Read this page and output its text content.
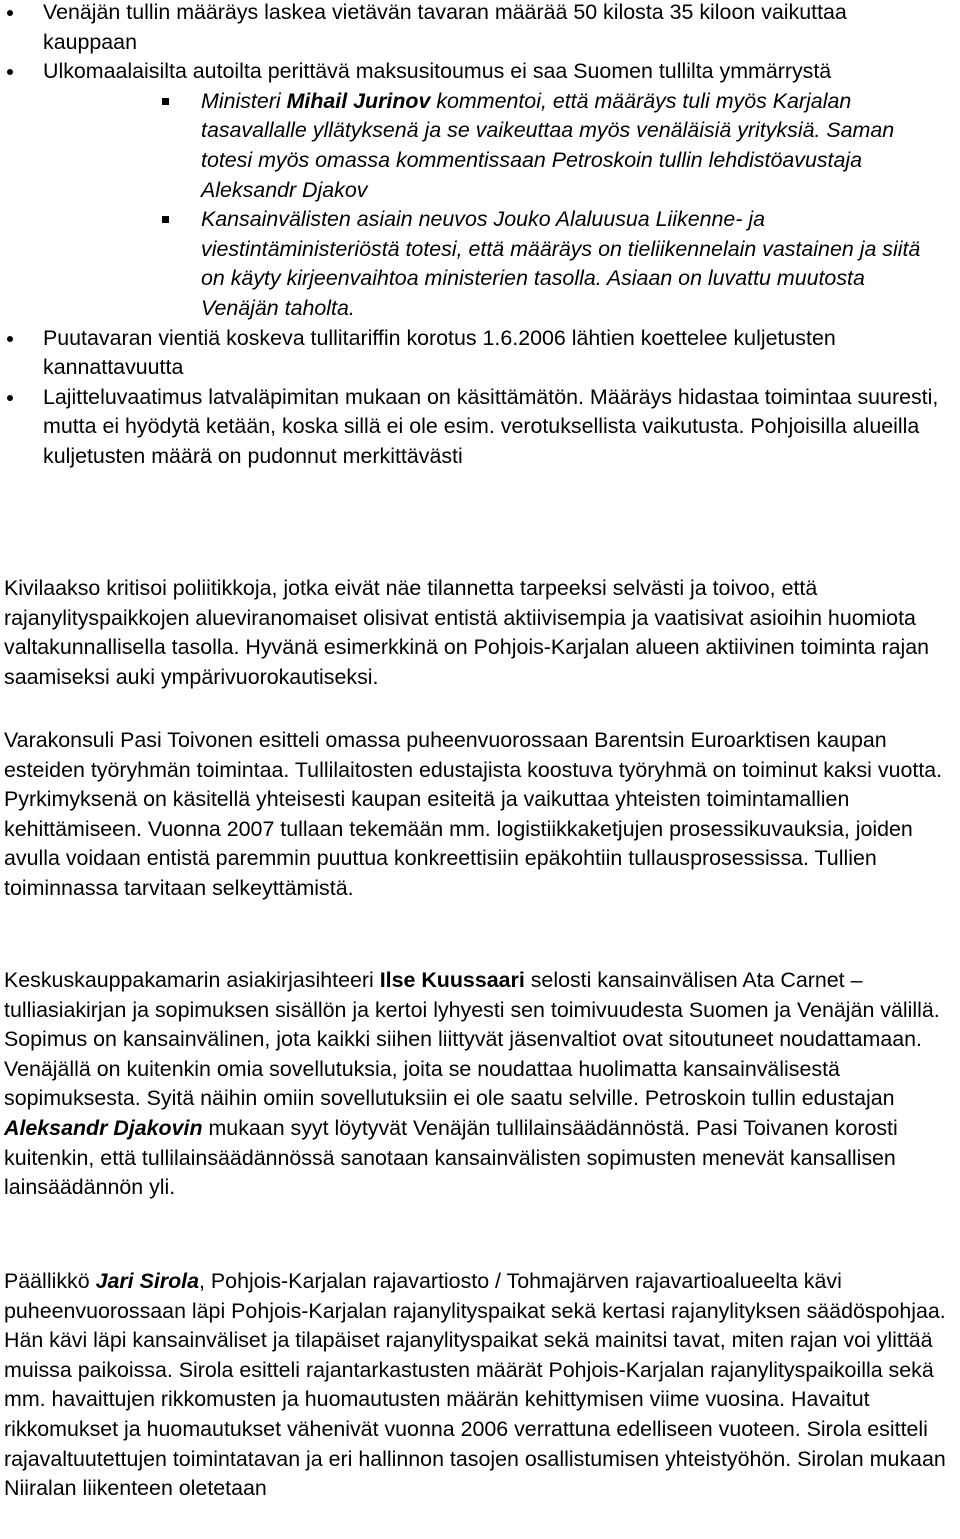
Venäjän tullin määräys laskea vietävän tavaran määrää 50 kilosta 35 kiloon vaikuttaa kauppaan
Ulkomaalaisilta autoilta perittävä maksusitoumus ei saa Suomen tullilta ymmärrystä
Ministeri Mihail Jurinov kommentoi, että määräys tuli myös Karjalan tasavallalle yllätyksenä ja se vaikeuttaa myös venäläisiä yrityksiä. Saman totesi myös omassa kommentissaan Petroskoin tullin lehdistöavustaja Aleksandr Djakov
Kansainvälisten asiain neuvos Jouko Alaluusua Liikenne- ja viestintäministeriöstä totesi, että määräys on tieliikennelain vastainen ja siitä on käyty kirjeenvaihtoa ministerien tasolla. Asiaan on luvattu muutosta Venäjän taholta.
Puutavaran vientiä koskeva tullitariffin korotus 1.6.2006 lähtien koettelee kuljetusten kannattavuutta
Lajitteluvaatimus latvaläpimitan mukaan on käsittämätön. Määräys hidastaa toimintaa suuresti, mutta ei hyödytä ketään, koska sillä ei ole esim. verotuksellista vaikutusta. Pohjoisilla alueilla kuljetusten määrä on pudonnut merkittävästi

Kivilaakso kritisoi poliitikkoja, jotka eivät näe tilannetta tarpeeksi selvästi ja toivoo, että rajanylityspaikkojen alueviranomaiset olisivat entistä aktiivisempia ja vaatisivat asioihin huomiota valtakunnallisella tasolla. Hyvänä esimerkkinä on Pohjois-Karjalan alueen aktiivinen toiminta rajan saamiseksi auki ympärivuorokautiseksi.

Varakonsuli Pasi Toivonen esitteli omassa puheenvuorossaan Barentsin Euroarktisen kaupan esteiden työryhmän toimintaa. Tullilaitosten edustajista koostuva työryhmä on toiminut kaksi vuotta. Pyrkimyksenä on käsitellä yhteisesti kaupan esiteitä ja vaikuttaa yhteisten toimintamallien kehittämiseen. Vuonna 2007 tullaan tekemään mm. logistiikkaketjujen prosessikuvauksia, joiden avulla voidaan entistä paremmin puuttua konkreettisiin epäkohtiin tullausprosessissa. Tullien toiminnassa tarvitaan selkeyttämistä.

Keskuskauppakamarin asiakirjasihteeri Ilse Kuussaari selosti kansainvälisen Ata Carnet – tulliasiakirjan ja sopimuksen sisällön ja kertoi lyhyesti sen toimivuudesta Suomen ja Venäjän välillä. Sopimus on kansainvälinen, jota kaikki siihen liittyvät jäsenvaltiot ovat sitoutuneet noudattamaan. Venäjällä on kuitenkin omia sovellutuksia, joita se noudattaa huolimatta kansainvälisestä sopimuksesta. Syitä näihin omiin sovellutuksiin ei ole saatu selville. Petroskoin tullin edustajan Aleksandr Djakovin mukaan syyt löytyvät Venäjän tullilainsäädännöstä. Pasi Toivanen korosti kuitenkin, että tullilainsäädännössä sanotaan kansainvälisten sopimusten menevät kansallisen lainsäädännön yli.

Päällikkö Jari Sirola, Pohjois-Karjalan rajavartiosto / Tohmajärven rajavartioalueelta kävi puheenvuorossaan läpi Pohjois-Karjalan rajanylityspaikat sekä kertasi rajanylityksen säädöspohjaa. Hän kävi läpi kansainväliset ja tilapäiset rajanylityspaikat sekä mainitsi tavat, miten rajan voi ylittää muissa paikoissa. Sirola esitteli rajantarkastusten määrät Pohjois-Karjalan rajanylityspaikoilla sekä mm. havaittujen rikkomusten ja huomautusten määrän kehittymisen viime vuosina. Havaitut rikkomukset ja huomautukset vähenivät vuonna 2006 verrattuna edelliseen vuoteen. Sirola esitteli rajavaltuutettujen toimintatavan ja eri hallinnon tasojen osallistumisen yhteistyöhön. Sirolan mukaan Niiralan liikenteen oletetaan
